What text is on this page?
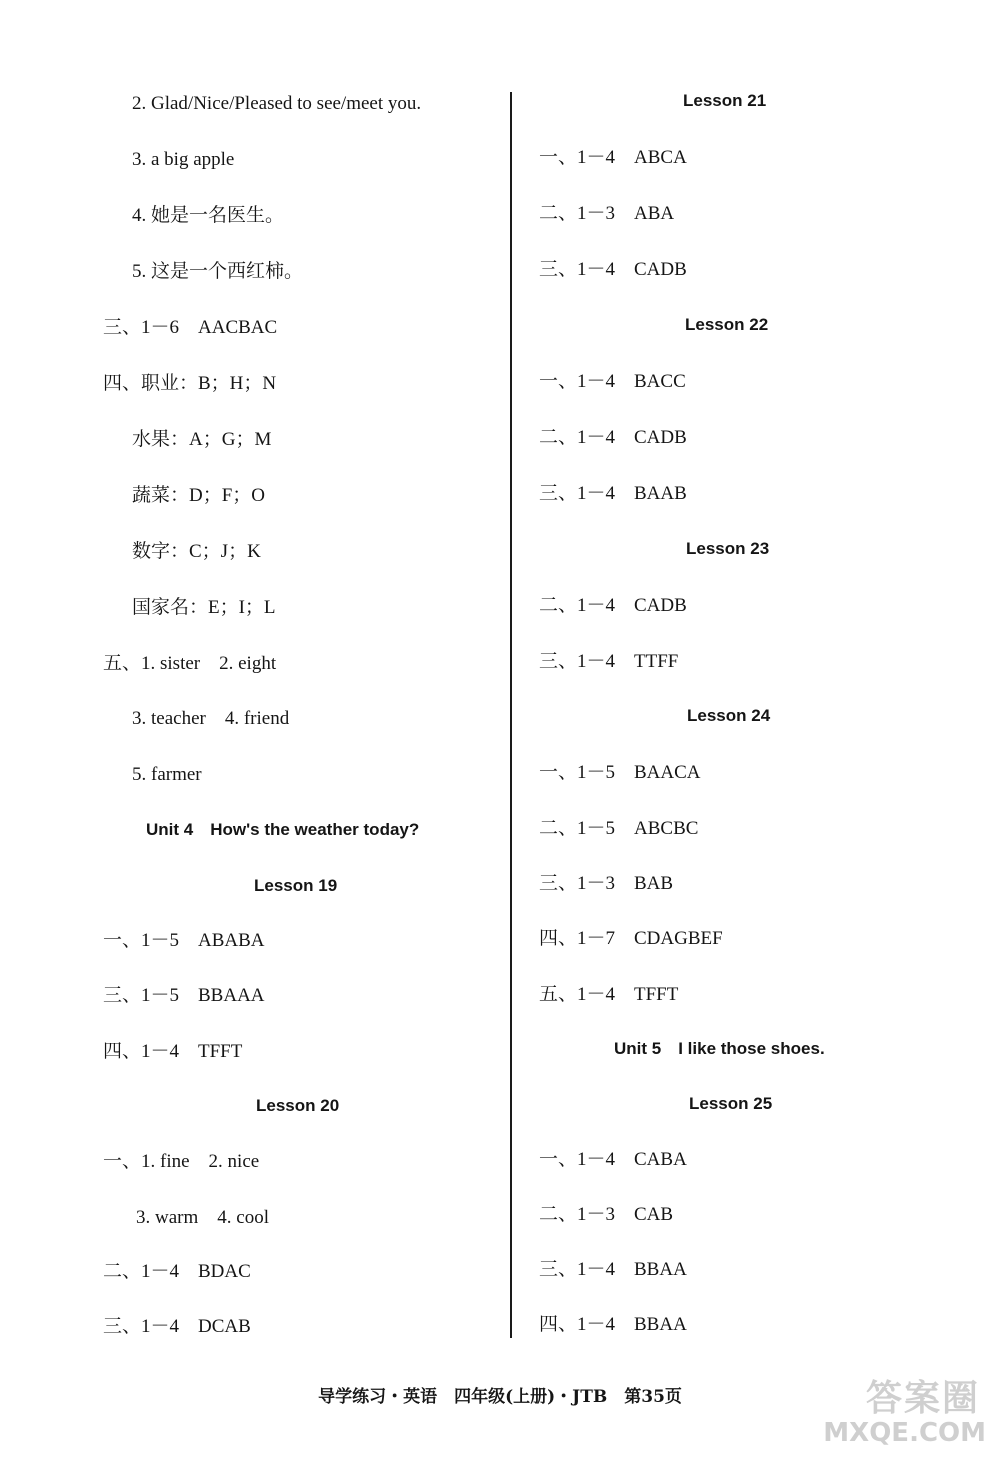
2. Glad/Nice/Pleased to see/meet you.
3. a big apple
4. 她是一名医生。
5. 这是一个西红柿。
三、1－6　AACBAC
四、职业：B；H；N
水果：A；G；M
蔬菜：D；F；O
数字：C；J；K
国家名：E；I；L
五、1. sister　2. eight
3. teacher　4. friend
5. farmer
Unit 4　How's the weather today?
Lesson 19
一、1－5　ABABA
三、1－5　BBAAA
四、1－4　TFFT
Lesson 20
一、1. fine　2. nice
3. warm　4. cool
二、1－4　BDAC
三、1－4　DCAB
Lesson 21
一、1－4　ABCA
二、1－3　ABA
三、1－4　CADB
Lesson 22
一、1－4　BACC
二、1－4　CADB
三、1－4　BAAB
Lesson 23
二、1－4　CADB
三、1－4　TTFF
Lesson 24
一、1－5　BAACA
二、1－5　ABCBC
三、1－3　BAB
四、1－7　CDAGBEF
五、1－4　TFFT
Unit 5　I like those shoes.
Lesson 25
一、1－4　CABA
二、1－3　CAB
三、1－4　BBAA
四、1－4　BBAA
导学练习・英语　四年级(上册)・JTB　第35页	答案圈
MXQE.COM
